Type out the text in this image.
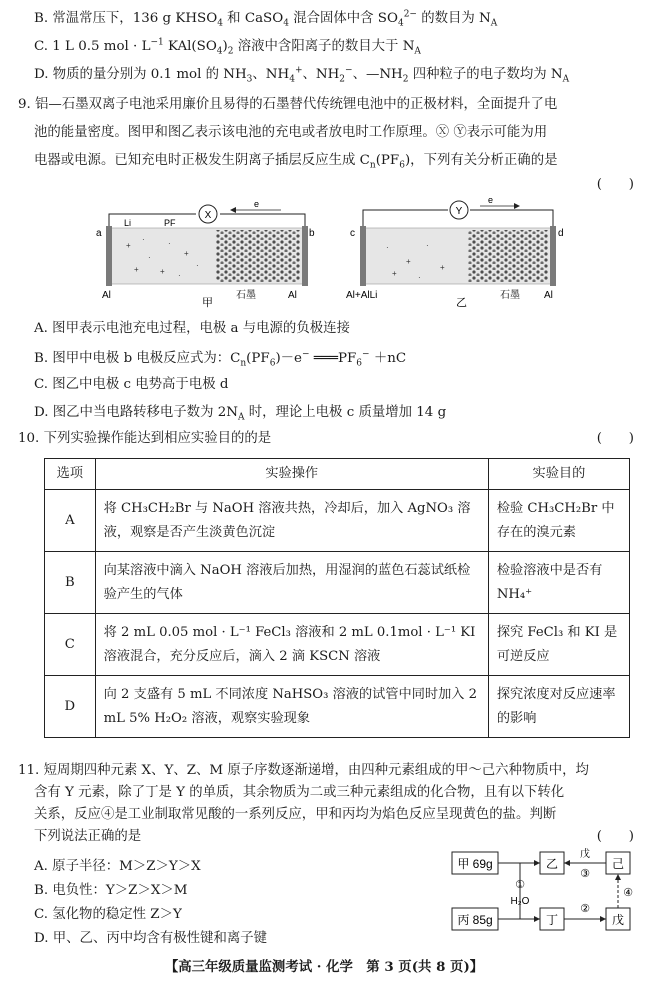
B. 常温常压下，136 g $KHSO_4$ 和 CaSO$_4$ 混合固体中含 $SO_4^{2-}$ 的数目为 $N_A$
C. 1 L 0.5 mol · $L^{-1}$ $KAl(SO_4)_2$ 溶液中含阳离子的数目大于 $N_A$
D. 物质的量分别为 0.1 mol 的 $NH_3$、$NH_4^+$、$NH_2^-$、$—NH_2$ 四种粒子的电子数均为 $N_A$
9. 铝—石墨双离子电池采用廉价且易得的石墨替代传统锂电池中的正极材料，全面提升了电
池的能量密度。图甲和图乙表示该电池的充电或者放电时工作原理。Ⓧ Ⓨ表示可能为用
电器或电源。已知充电时正极发生阴离子插层反应生成 $C_n(PF_6)$，下列有关分析正确的是
(　　)
X
e
a	b
Li	PF
+
·
+
·
+
+
·
·
·
Al	Al
甲
石墨
Y
e
c	d
·
+
+
·
+
·
Al+AlLi	Al
乙
石墨
A. 图甲表示电池充电过程，电极 a 与电源的负极连接
B. 图甲中电极 b 电极反应式为：$C_n(PF_6)-e^-$ $═══PF_6^- +nC$
C. 图乙中电极 c 电势高于电极 d
D. 图乙中当电路转移电子数为 $2N_A$ 时，理论上电极 c 质量增加 14 g
10. 下列实验操作能达到相应实验目的的是	(　　)
选项	实验操作	实验目的
A	将 CH₃CH₂Br 与 NaOH 溶液共热，冷却后，加入 AgNO₃ 溶液，观察是否产生淡黄色沉淀	检验 CH₃CH₂Br 中存在的溴元素
B	向某溶液中滴入 NaOH 溶液后加热，用湿润的蓝色石蕊试纸检验产生的气体	检验溶液中是否有 NH₄⁺
C	将 2 mL 0.05 mol · L⁻¹ FeCl₃ 溶液和 2 mL 0.1mol · L⁻¹ KI 溶液混合，充分反应后，滴入 2 滴 KSCN 溶液	探究 FeCl₃ 和 KI 是可逆反应
D	向 2 支盛有 5 mL 不同浓度 NaHSO₃ 溶液的试管中同时加入 2 mL 5% H₂O₂ 溶液，观察实验现象	探究浓度对反应速率的影响
11. 短周期四种元素 X、Y、Z、M 原子序数逐渐递增，由四种元素组成的甲～己六种物质中，均
含有 Y 元素，除了丁是 Y 的单质，其余物质为二或三种元素组成的化合物，且有以下转化
关系，反应④是工业制取常见酸的一系列反应，甲和丙均为焰色反应呈现黄色的盐。判断
下列说法正确的是	(　　)
A. 原子半径：M＞Z＞Y＞X
B. 电负性：Y＞Z＞X＞M
C. 氢化物的稳定性 Z＞Y
甲 69g
丙 85g
乙
丁
己
戊
①
H₂O
②
戊
③
④
【高三年级质量监测考试 · 化学　第 3 页(共 8 页)】
D. 甲、乙、丙中均含有极性键和离子键
